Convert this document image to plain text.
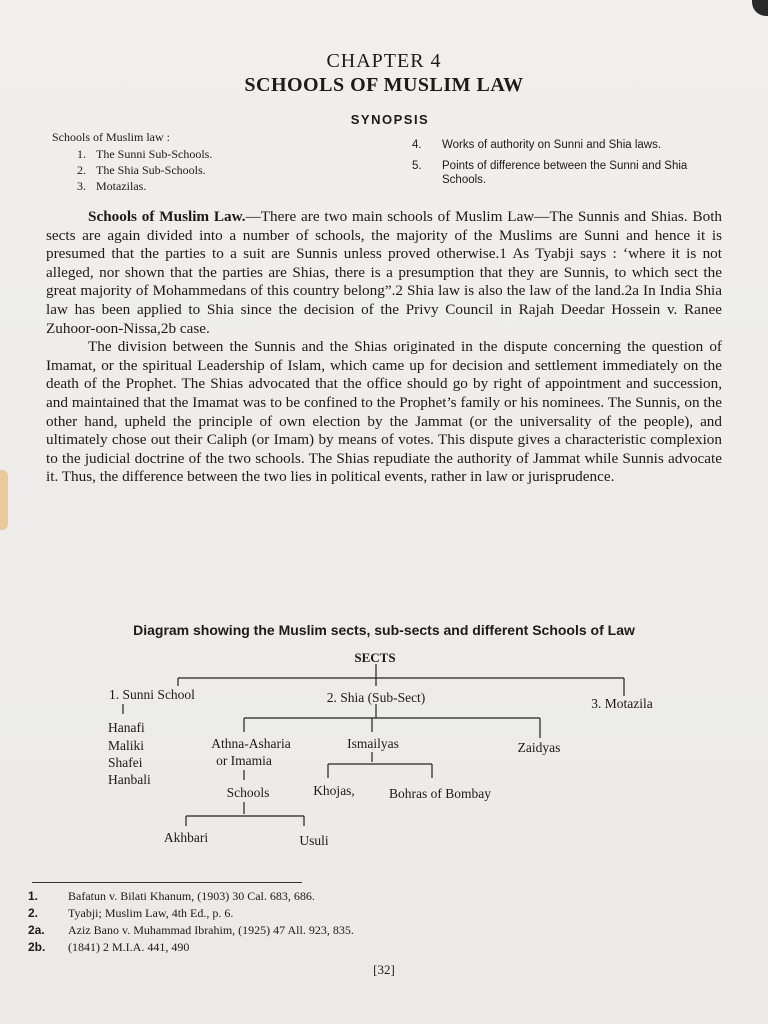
CHAPTER 4
SCHOOLS OF MUSLIM LAW
SYNOPSIS
Schools of Muslim law :
1. The Sunni Sub-Schools.
2. The Shia Sub-Schools.
3. Motazilas.
4.	Works of authority on Sunni and Shia laws.
5.	Points of difference between the Sunni and Shia Schools.

Schools of Muslim Law.—There are two main schools of Muslim Law—The Sunnis and Shias. Both sects are again divided into a number of schools, the majority of the Muslims are Sunni and hence it is presumed that the parties to a suit are Sunnis unless proved otherwise.1 As Tyabji says : ‘where it is not alleged, nor shown that the parties are Shias, there is a presumption that they are Sunnis, to which sect the great majority of Mohammedans of this country belong”.2 Shia law is also the law of the land.2a In India Shia law has been applied to Shia since the decision of the Privy Council in Rajah Deedar Hossein v. Ranee Zuhoor-oon-Nissa,2b case.

The division between the Sunnis and the Shias originated in the dispute concerning the question of Imamat, or the spiritual Leadership of Islam, which came up for decision and settlement immediately on the death of the Prophet. The Shias advocated that the office should go by right of appointment and succession, and maintained that the Imamat was to be confined to the Prophet’s family or his nominees. The Sunnis, on the other hand, upheld the principle of own election by the Jammat (or the universality of the people), and ultimately chose out their Caliph (or Imam) by means of votes. This dispute gives a characteristic complexion to the judicial doctrine of the two schools. The Shias repudiate the authority of Jammat while Sunnis advocate it. Thus, the difference between the two lies in political events, rather in law or jurisprudence.

Diagram showing the Muslim sects, sub-sects and different Schools of Law
SECTS
1. Sunni School	2. Shia (Sub-Sect)	3. Motazila
Hanafi
Maliki
Shafei
Hanbali
Athna-Asharia
or Imamia
Ismailyas	Zaidyas
Schools	Khojas,	Bohras of Bombay
Akhbari	Usuli
1.	Bafatun v. Bilati Khanum, (1903) 30 Cal. 683, 686.
2.	Tyabji; Muslim Law, 4th Ed., p. 6.
2a.	Aziz Bano v. Muhammad Ibrahim, (1925) 47 All. 923, 835.
2b.	(1841) 2 M.I.A. 441, 490
[32]
